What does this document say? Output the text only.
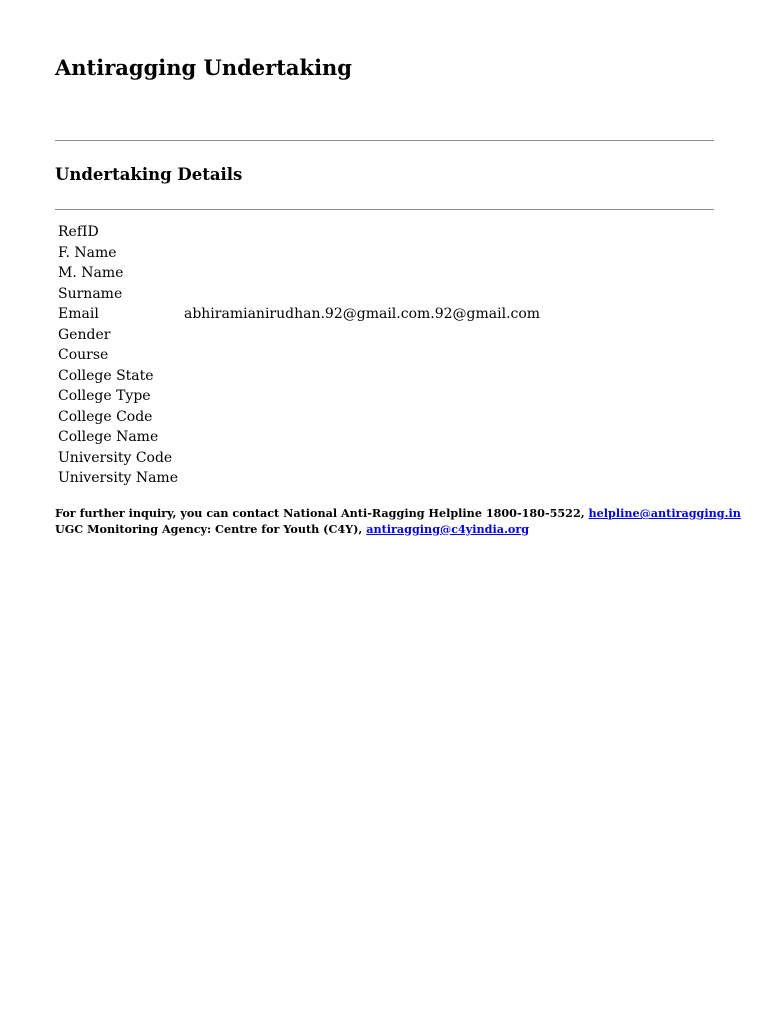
Antiragging Undertaking
Undertaking Details
RefID	
F. Name	
M. Name	
Surname	
Email	abhiramianirudhan.92@gmail.com.92@gmail.com
Gender	
Course	
College State	
College Type	
College Code	
College Name	
University Code	
University Name	
For further inquiry, you can contact National Anti-Ragging Helpline 1800-180-5522, helpline@antiragging.in
UGC Monitoring Agency: Centre for Youth (C4Y), antiragging@c4yindia.org
